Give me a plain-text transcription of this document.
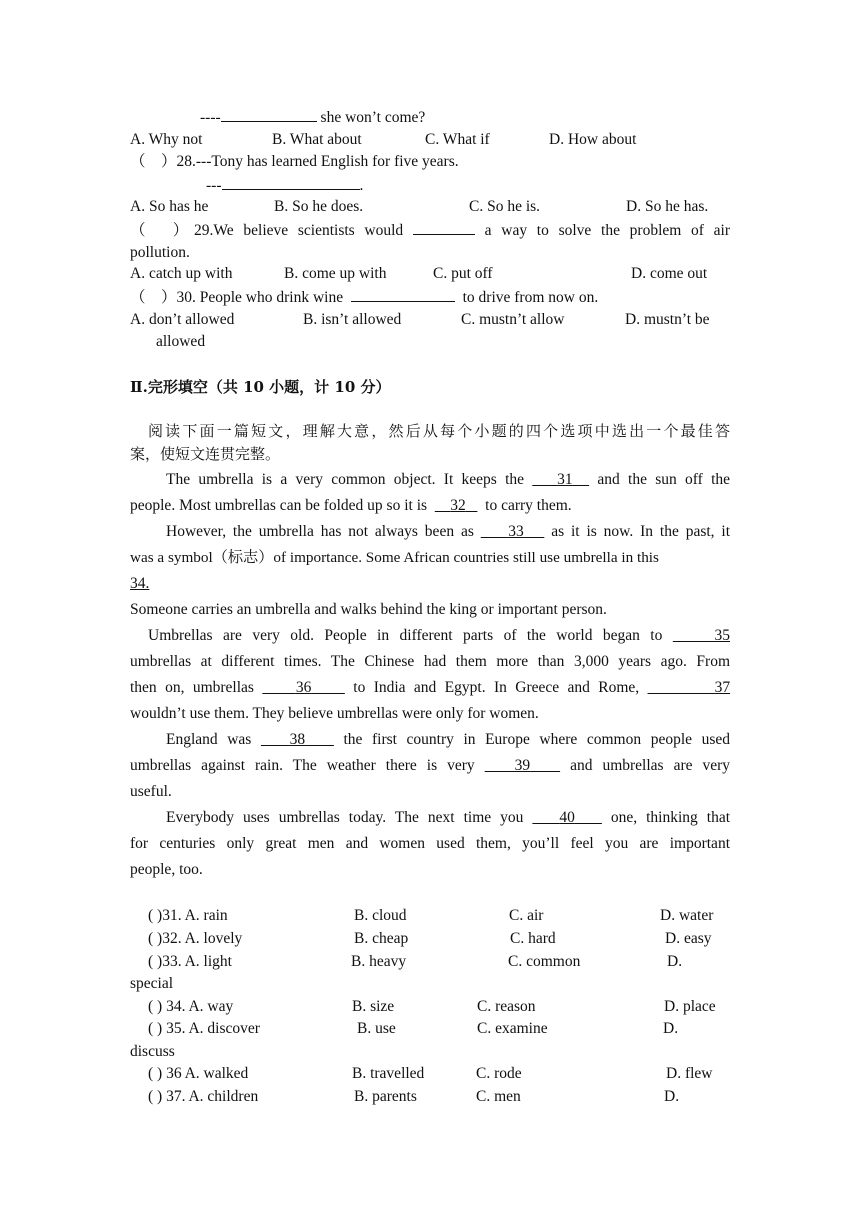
----	she won’t come?
A. Why not	B. What about	C. What if	D. How about
（　）28.---Tony has learned English for five years.
---	.
A. So has he	B. So he does.	C. So he is.	D. So he has.
（　）29.We believe scientists would	a way to solve the problem of air
pollution.
A. catch up with	B. come up with	C. put off	D. come out
（　）30. People who drink wine	to drive from now on.
A. don’t allowed	B. isn’t allowed	C. mustn’t allow	D. mustn’t be
allowed
Ⅱ.完形填空（共 10 小题，计 10 分）
阅读下面一篇短文，理解大意，然后从每个小题的四个选项中选出一个最佳答
案，使短文连贯完整。
The umbrella is a very common object. It keeps the 31 and the sun off the
people. Most umbrellas can be folded up so it is 32 to carry them.
However, the umbrella has not always been as 33 as it is now. In the past, it
was a symbol（标志）of importance. Some African countries still use umbrella in this
34.
Someone carries an umbrella and walks behind the king or important person.
Umbrellas are very old. People in different parts of the world began to	35
umbrellas at different times. The Chinese had them more than 3,000 years ago. From
then on, umbrellas	36	to India and Egypt. In Greece and Rome,	37
wouldn’t use them. They believe umbrellas were only for women.
England was 38 the first country in Europe where common people used
umbrellas against rain. The weather there is very	39	and umbrellas are very
useful.
Everybody uses umbrellas today. The next time you 40 one, thinking that
for centuries only great men and women used them, you’ll feel you are important
people, too.
( )31. A. rain	B. cloud	C. air	D. water
( )32. A. lovely	B. cheap	C. hard	D. easy
( )33. A. light	B. heavy	C. common	D.
special
( ) 34. A. way	B. size	C. reason	D. place
( ) 35. A. discover	B. use	C. examine	D.
discuss
( ) 36 A. walked	B. travelled	C. rode	D. flew
( ) 37. A. children	B. parents	C. men	D.
